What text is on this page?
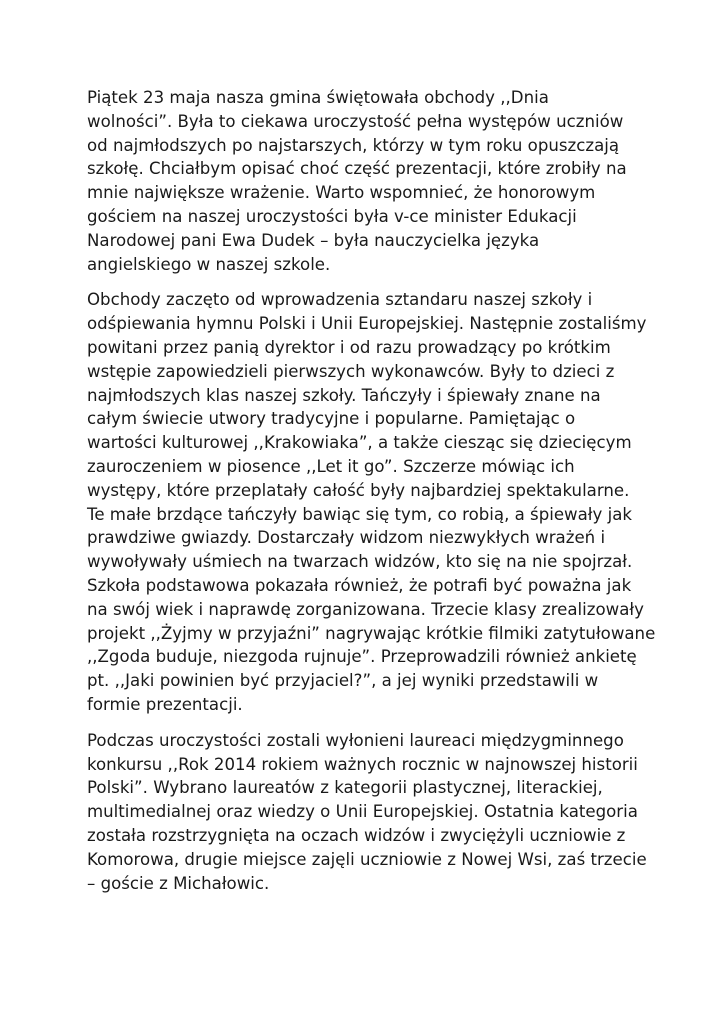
Piątek 23 maja nasza gmina świętowała obchody ,,Dnia
wolności”. Była to ciekawa uroczystość pełna występów uczniów
od najmłodszych po najstarszych, którzy w tym roku opuszczają
szkołę. Chciałbym opisać choć część prezentacji, które zrobiły na
mnie największe wrażenie. Warto wspomnieć, że honorowym
gościem na naszej uroczystości była v-ce minister Edukacji
Narodowej pani Ewa Dudek – była nauczycielka języka
angielskiego w naszej szkole.

Obchody zaczęto od wprowadzenia sztandaru naszej szkoły i
odśpiewania hymnu Polski i Unii Europejskiej. Następnie zostaliśmy
powitani przez panią dyrektor i od razu prowadzący po krótkim
wstępie zapowiedzieli pierwszych wykonawców. Były to dzieci z
najmłodszych klas naszej szkoły. Tańczyły i śpiewały znane na
całym świecie utwory tradycyjne i popularne. Pamiętając o
wartości kulturowej ,,Krakowiaka”, a także ciesząc się dziecięcym
zauroczeniem w piosence ,,Let it go”. Szczerze mówiąc ich
występy, które przeplatały całość były najbardziej spektakularne.
Te małe brzdące tańczyły bawiąc się tym, co robią, a śpiewały jak
prawdziwe gwiazdy. Dostarczały widzom niezwykłych wrażeń i
wywoływały uśmiech na twarzach widzów, kto się na nie spojrzał.
Szkoła podstawowa pokazała również, że potrafi być poważna jak
na swój wiek i naprawdę zorganizowana. Trzecie klasy zrealizowały
projekt ,,Żyjmy w przyjaźni” nagrywając krótkie filmiki zatytułowane
,,Zgoda buduje, niezgoda rujnuje”. Przeprowadzili również ankietę
pt. ,,Jaki powinien być przyjaciel?”, a jej wyniki przedstawili w
formie prezentacji.

Podczas uroczystości zostali wyłonieni laureaci międzygminnego
konkursu ,,Rok 2014 rokiem ważnych rocznic w najnowszej historii
Polski”. Wybrano laureatów z kategorii plastycznej, literackiej,
multimedialnej oraz wiedzy o Unii Europejskiej. Ostatnia kategoria
została rozstrzygnięta na oczach widzów i zwyciężyli uczniowie z
Komorowa, drugie miejsce zajęli uczniowie z Nowej Wsi, zaś trzecie
– goście z Michałowic.
